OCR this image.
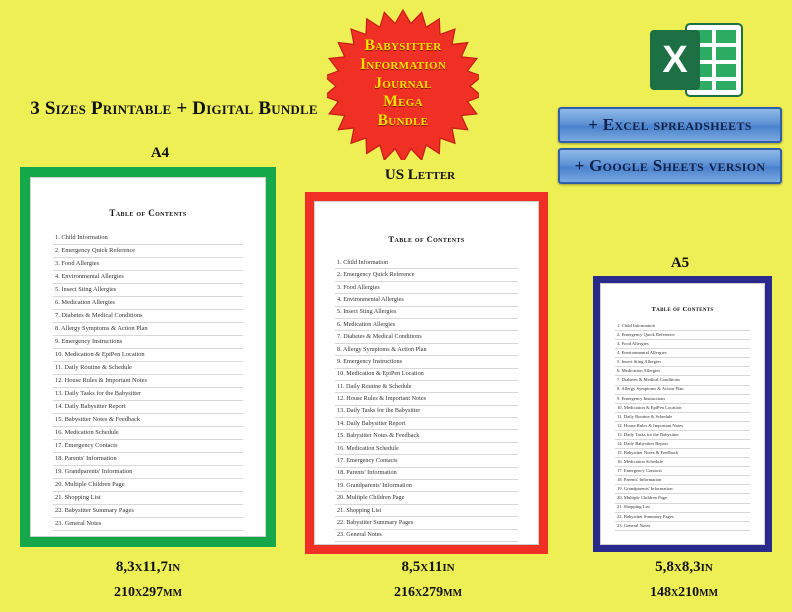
3 Sizes Printable + Digital Bundle
Babysitter
Information
Journal
Mega
Bundle
X
+ Excel spreadsheets
+ Google Sheets version
A4
US Letter
A5
Table of Contents
1. Child Information
2. Emergency Quick Reference
3. Food Allergies
4. Environmental Allergies
5. Insect Sting Allergies
6. Medication Allergies
7. Diabetes & Medical Conditions
8. Allergy Symptoms & Action Plan
9. Emergency Instructions
10. Medication & EpiPen Location
11. Daily Routine & Schedule
12. House Rules & Important Notes
13. Daily Tasks for the Babysitter
14. Daily Babysitter Report
15. Babysitter Notes & Feedback
16. Medication Schedule
17. Emergency Contacts
18. Parents' Information
19. Grandparents' Information
20. Multiple Children Page
21. Shopping List
22. Babysitter Summary Pages
23. General Notes
Table of Contents
1. Child Information
2. Emergency Quick Reference
3. Food Allergies
4. Environmental Allergies
5. Insect Sting Allergies
6. Medication Allergies
7. Diabetes & Medical Conditions
8. Allergy Symptoms & Action Plan
9. Emergency Instructions
10. Medication & EpiPen Location
11. Daily Routine & Schedule
12. House Rules & Important Notes
13. Daily Tasks for the Babysitter
14. Daily Babysitter Report
15. Babysitter Notes & Feedback
16. Medication Schedule
17. Emergency Contacts
18. Parents' Information
19. Grandparents' Information
20. Multiple Children Page
21. Shopping List
22. Babysitter Summary Pages
23. General Notes
Table of Contents
1. Child Information
2. Emergency Quick Reference
3. Food Allergies
4. Environmental Allergies
5. Insect Sting Allergies
6. Medication Allergies
7. Diabetes & Medical Conditions
8. Allergy Symptoms & Action Plan
9. Emergency Instructions
10. Medication & EpiPen Location
11. Daily Routine & Schedule
12. House Rules & Important Notes
13. Daily Tasks for the Babysitter
14. Daily Babysitter Report
15. Babysitter Notes & Feedback
16. Medication Schedule
17. Emergency Contacts
18. Parents' Information
19. Grandparents' Information
20. Multiple Children Page
21. Shopping List
22. Babysitter Summary Pages
23. General Notes
8,3x11,7in
210x297mm
8,5x11in
216x279mm
5,8x8,3in
148x210mm
